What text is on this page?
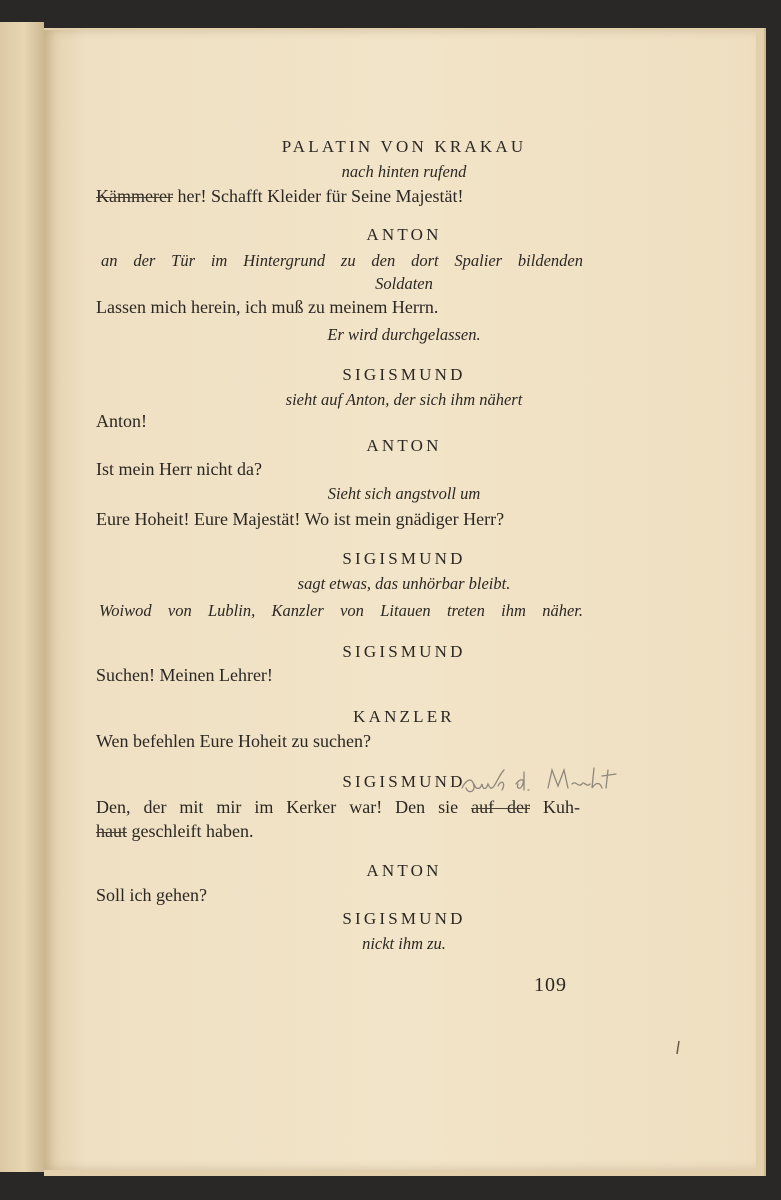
PALATIN VON KRAKAU
nach hinten rufend
Kämmerer her! Schafft Kleider für Seine Majestät!
ANTON
an der Tür im Hintergrund zu den dort Spalier bildenden
Soldaten
Lassen mich herein, ich muß zu meinem Herrn.
Er wird durchgelassen.
SIGISMUND
sieht auf Anton, der sich ihm nähert
Anton!
ANTON
Ist mein Herr nicht da?
Sieht sich angstvoll um
Eure Hoheit! Eure Majestät! Wo ist mein gnädiger Herr?
SIGISMUND
sagt etwas, das unhörbar bleibt.
Woiwod von Lublin, Kanzler von Litauen treten ihm näher.
SIGISMUND
Suchen! Meinen Lehrer!
KANZLER
Wen befehlen Eure Hoheit zu suchen?
SIGISMUND
Den, der mit mir im Kerker war! Den sie auf der Kuh-
haut geschleift haben.
ANTON
Soll ich gehen?
SIGISMUND
nickt ihm zu.
109
